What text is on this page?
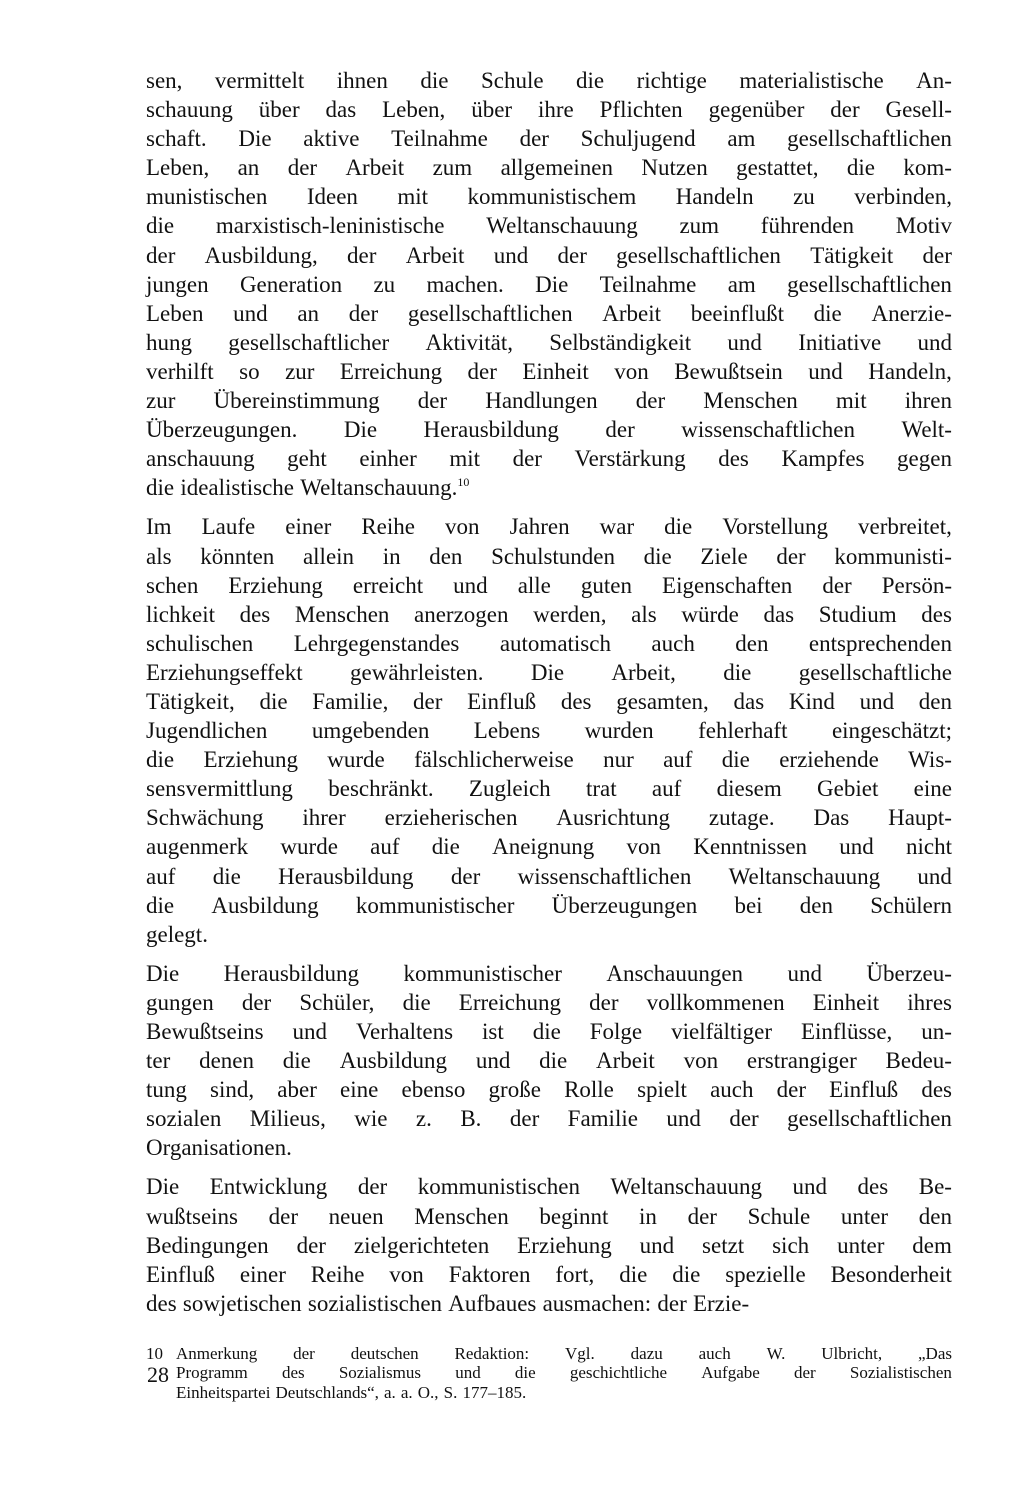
sen, vermittelt ihnen die Schule die richtige materialistische An-
schauung über das Leben, über ihre Pflichten gegenüber der Gesell-
schaft. Die aktive Teilnahme der Schuljugend am gesellschaftlichen
Leben, an der Arbeit zum allgemeinen Nutzen gestattet, die kom-
munistischen Ideen mit kommunistischem Handeln zu verbinden,
die marxistisch-leninistische Weltanschauung zum führenden Motiv
der Ausbildung, der Arbeit und der gesellschaftlichen Tätigkeit der
jungen Generation zu machen. Die Teilnahme am gesellschaftlichen
Leben und an der gesellschaftlichen Arbeit beeinflußt die Anerzie-
hung gesellschaftlicher Aktivität, Selbständigkeit und Initiative und
verhilft so zur Erreichung der Einheit von Bewußtsein und Handeln,
zur Übereinstimmung der Handlungen der Menschen mit ihren
Überzeugungen. Die Herausbildung der wissenschaftlichen Welt-
anschauung geht einher mit der Verstärkung des Kampfes gegen
die idealistische Weltanschauung.$^{10}$
Im Laufe einer Reihe von Jahren war die Vorstellung verbreitet,
als könnten allein in den Schulstunden die Ziele der kommunisti-
schen Erziehung erreicht und alle guten Eigenschaften der Persön-
lichkeit des Menschen anerzogen werden, als würde das Studium des
schulischen Lehrgegenstandes automatisch auch den entsprechenden
Erziehungseffekt gewährleisten. Die Arbeit, die gesellschaftliche
Tätigkeit, die Familie, der Einfluß des gesamten, das Kind und den
Jugendlichen umgebenden Lebens wurden fehlerhaft eingeschätzt;
die Erziehung wurde fälschlicherweise nur auf die erziehende Wis-
sensvermittlung beschränkt. Zugleich trat auf diesem Gebiet eine
Schwächung ihrer erzieherischen Ausrichtung zutage. Das Haupt-
augenmerk wurde auf die Aneignung von Kenntnissen und nicht
auf die Herausbildung der wissenschaftlichen Weltanschauung und
die Ausbildung kommunistischer Überzeugungen bei den Schülern
gelegt.
Die Herausbildung kommunistischer Anschauungen und Überzeu-
gungen der Schüler, die Erreichung der vollkommenen Einheit ihres
Bewußtseins und Verhaltens ist die Folge vielfältiger Einflüsse, un-
ter denen die Ausbildung und die Arbeit von erstrangiger Bedeu-
tung sind, aber eine ebenso große Rolle spielt auch der Einfluß des
sozialen Milieus, wie z. B. der Familie und der gesellschaftlichen
Organisationen.
Die Entwicklung der kommunistischen Weltanschauung und des Be-
wußtseins der neuen Menschen beginnt in der Schule unter den
Bedingungen der zielgerichteten Erziehung und setzt sich unter dem
Einfluß einer Reihe von Faktoren fort, die die spezielle Besonderheit
des sowjetischen sozialistischen Aufbaues ausmachen: der Erzie-
10 Anmerkung der deutschen Redaktion: Vgl. dazu auch W. Ulbricht, „Das
Programm des Sozialismus und die geschichtliche Aufgabe der Sozialistischen
Einheitspartei Deutschlands“, a. a. O., S. 177–185.
28
